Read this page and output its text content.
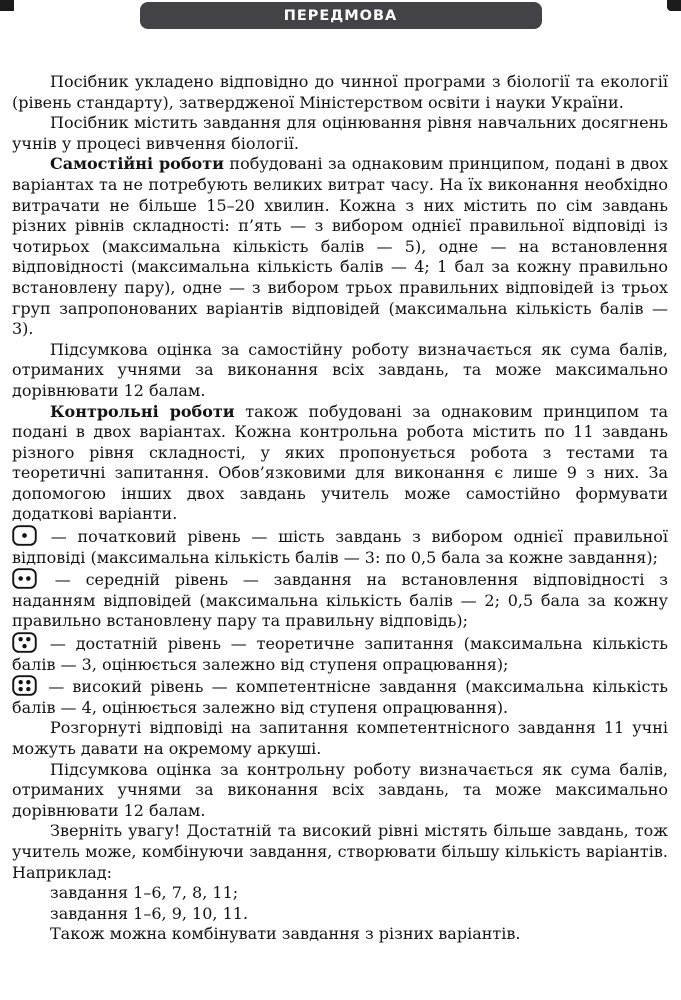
ПЕРЕДМОВА

Посібник укладено відповідно до чинної програми з біології та екології (рівень стандарту), затвердженої Міністерством освіти і науки України.

Посібник містить завдання для оцінювання рівня навчальних досягнень учнів у процесі вивчення біології.

Самостійні роботи побудовані за однаковим принципом, подані в двох варіантах та не потребують великих витрат часу. На їх виконання необхідно витрачати не більше 15–20 хвилин. Кожна з них містить по сім завдань різних рівнів складності: п’ять — з вибором однієї правильної відповіді із чотирьох (максимальна кількість балів — 5), одне — на встановлення відповідності (максимальна кількість балів — 4; 1 бал за кожну правильно встановлену пару), одне — з вибором трьох правильних відповідей із трьох груп запропонованих варіантів відповідей (максимальна кількість балів — 3).

Підсумкова оцінка за самостійну роботу визначається як сума балів, отриманих учнями за виконання всіх завдань, та може максимально дорівнювати 12 балам.

Контрольні роботи також побудовані за однаковим принципом та подані в двох варіантах. Кожна контрольна робота містить по 11 завдань різного рівня складності, у яких пропонується робота з тестами та теоретичні запитання. Обов’язковими для виконання є лише 9 з них. За допомогою інших двох завдань учитель може самостійно формувати додаткові варіанти.

— початковий рівень — шість завдань з вибором однієї правильної відповіді (максимальна кількість балів — 3: по 0,5 бала за кожне завдання);

— середній рівень — завдання на встановлення відповідності з наданням відповідей (максимальна кількість балів — 2; 0,5 бала за кожну правильно встановлену пару та правильну відповідь);

— достатній рівень — теоретичне запитання (максимальна кількість балів — 3, оцінюється залежно від ступеня опрацювання);

— високий рівень — компетентнісне завдання (максимальна кількість балів — 4, оцінюється залежно від ступеня опрацювання).

Розгорнуті відповіді на запитання компетентнісного завдання 11 учні можуть давати на окремому аркуші.

Підсумкова оцінка за контрольну роботу визначається як сума балів, отриманих учнями за виконання всіх завдань, та може максимально дорівнювати 12 балам.

Зверніть увагу! Достатній та високий рівні містять більше завдань, тож учитель може, комбінуючи завдання, створювати більшу кількість варіантів. Наприклад:

завдання 1–6, 7, 8, 11;

завдання 1–6, 9, 10, 11.

Також можна комбінувати завдання з різних варіантів.
